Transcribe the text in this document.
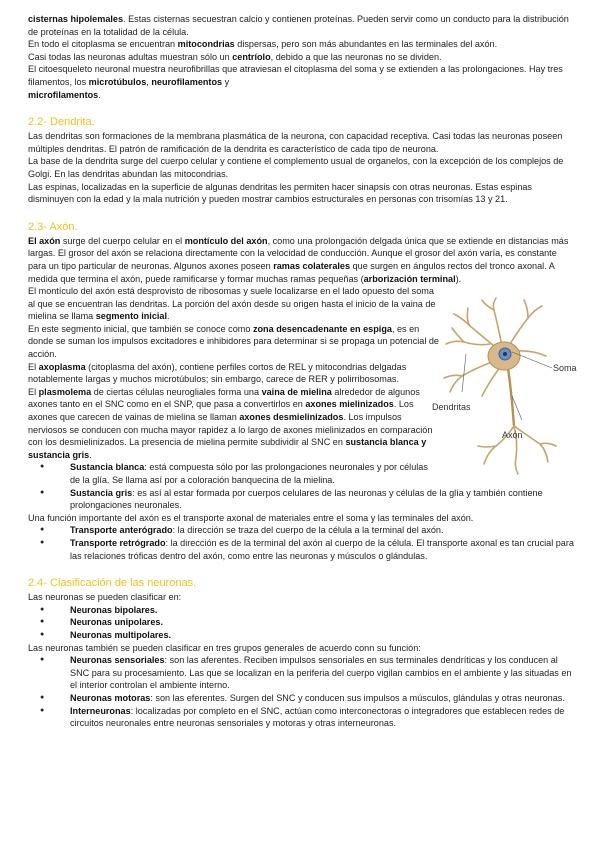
cisternas hipolemales. Estas cisternas secuestran calcio y contienen proteínas. Pueden servir como un conducto para la distribución de proteínas en la totalidad de la célula.

En todo el citoplasma se encuentran mitocondrias dispersas, pero son más abundantes en las terminales del axón.

Casi todas las neuronas adultas muestran sólo un centríolo, debido a que las neuronas no se dividen.

El citoesqueleto neuronal muestra neurofibrillas que atraviesan el citoplasma del soma y se extienden a las prolongaciones. Hay tres filamentos, los microtúbulos, neurofilamentos y
microfilamentos.

2.2- Dendrita.

Las dendritas son formaciones de la membrana plasmática de la neurona, con capacidad receptiva. Casi todas las neuronas poseen múltiples dendritas. El patrón de ramificación de la dendrita es característico de cada tipo de neurona.

La base de la dendrita surge del cuerpo celular y contiene el complemento usual de organelos, con la excepción de los complejos de Golgi. En las dendritas abundan las mitocondrias.

Las espinas, localizadas en la superficie de algunas dendritas les permiten hacer sinapsis con otras neuronas. Estas espinas disminuyen con la edad y la mala nutrición y pueden mostrar cambios estructurales en personas con trisomías 13 y 21.

2.3- Axón.

El axón surge del cuerpo celular en el montículo del axón, como una prolongación delgada única que se extiende en distancias más largas. El grosor del axón se relaciona directamente con la velocidad de conducción. Aunque el grosor del axón varía, es constante para un tipo particular de neuronas. Algunos axones poseen ramas colaterales que surgen en ángulos rectos del tronco axonal. A medida que termina el axón, puede ramificarse y formar muchas ramas pequeñas (arborización terminal).

El montículo del axón está desprovisto de ribosomas y suele localizarse en el lado opuesto del soma al que se encuentran las dendritas. La porción del axón desde su origen hasta el inicio de la vaina de mielina se llama segmento inicial.

En este segmento inicial, que también se conoce como zona desencadenante en espiga, es en donde se suman los impulsos excitadores e inhibidores para determinar si se propaga un potencial de acción.

El axoplasma (citoplasma del axón), contiene perfiles cortos de REL y mitocondrias delgadas notablemente largas y muchos microtúbulos; sin embargo, carece de RER y polirribosomas.

El plasmolema de ciertas células neurogliales forma una vaina de mielina alrededor de algunos axones tanto en el SNC como en el SNP, que pasa a convertirlos en axones mielinizados. Los axones que carecen de vainas de mielina se llaman axones desmielinizados. Los impulsos nerviosos se conducen con mucha mayor rapidez a lo largo de axones mielinizados en comparación con los desmielinizados. La presencia de mielina permite subdividir al SNC en sustancia blanca y sustancia gris.

● Sustancia blanca: está compuesta sólo por las prolongaciones neuronales y por células de la glía. Se llama así por a coloración banquecina de la mielina.
● Sustancia gris: es así al estar formada por cuerpos celulares de las neuronas y células de la glía y también contiene prolongaciones neuronales.

Una función importante del axón es el transporte axonal de materiales entre el soma y las terminales del axón.

● Transporte anterógrado: la dirección se traza del cuerpo de la célula a la terminal del axón.
● Transporte retrógrado: la dirección es de la terminal del axón al cuerpo de la célula. El transporte axonal es tan crucial para las relaciones tróficas dentro del axón, como entre las neuronas y músculos o glándulas.
2.4- Clasificación de las neuronas.

Las neuronas se pueden clasificar en:

● Neuronas bipolares.
● Neuronas unipolares.
● Neuronas multipolares.

Las neuronas también se pueden clasificar en tres grupos generales de acuerdo conn su función:

● Neuronas sensoriales: son las aferentes. Reciben impulsos sensoriales en sus terminales dendríticas y los conducen al SNC para su procesamiento. Las que se localizan en la periferia del cuerpo vigilan cambios en el ambiente y las situadas en el interior controlan el ambiente interno.
● Neuronas motoras: son las eferentes. Surgen del SNC y conducen sus impulsos a músculos, glándulas y otras neuronas.
● Interneuronas: localizadas por completo en el SNC, actúan como interconectoras o integradores que establecen redes de circuitos neuronales entre neuronas sensoriales y motoras y otras interneuronas.
Soma
Dendritas
Axón
